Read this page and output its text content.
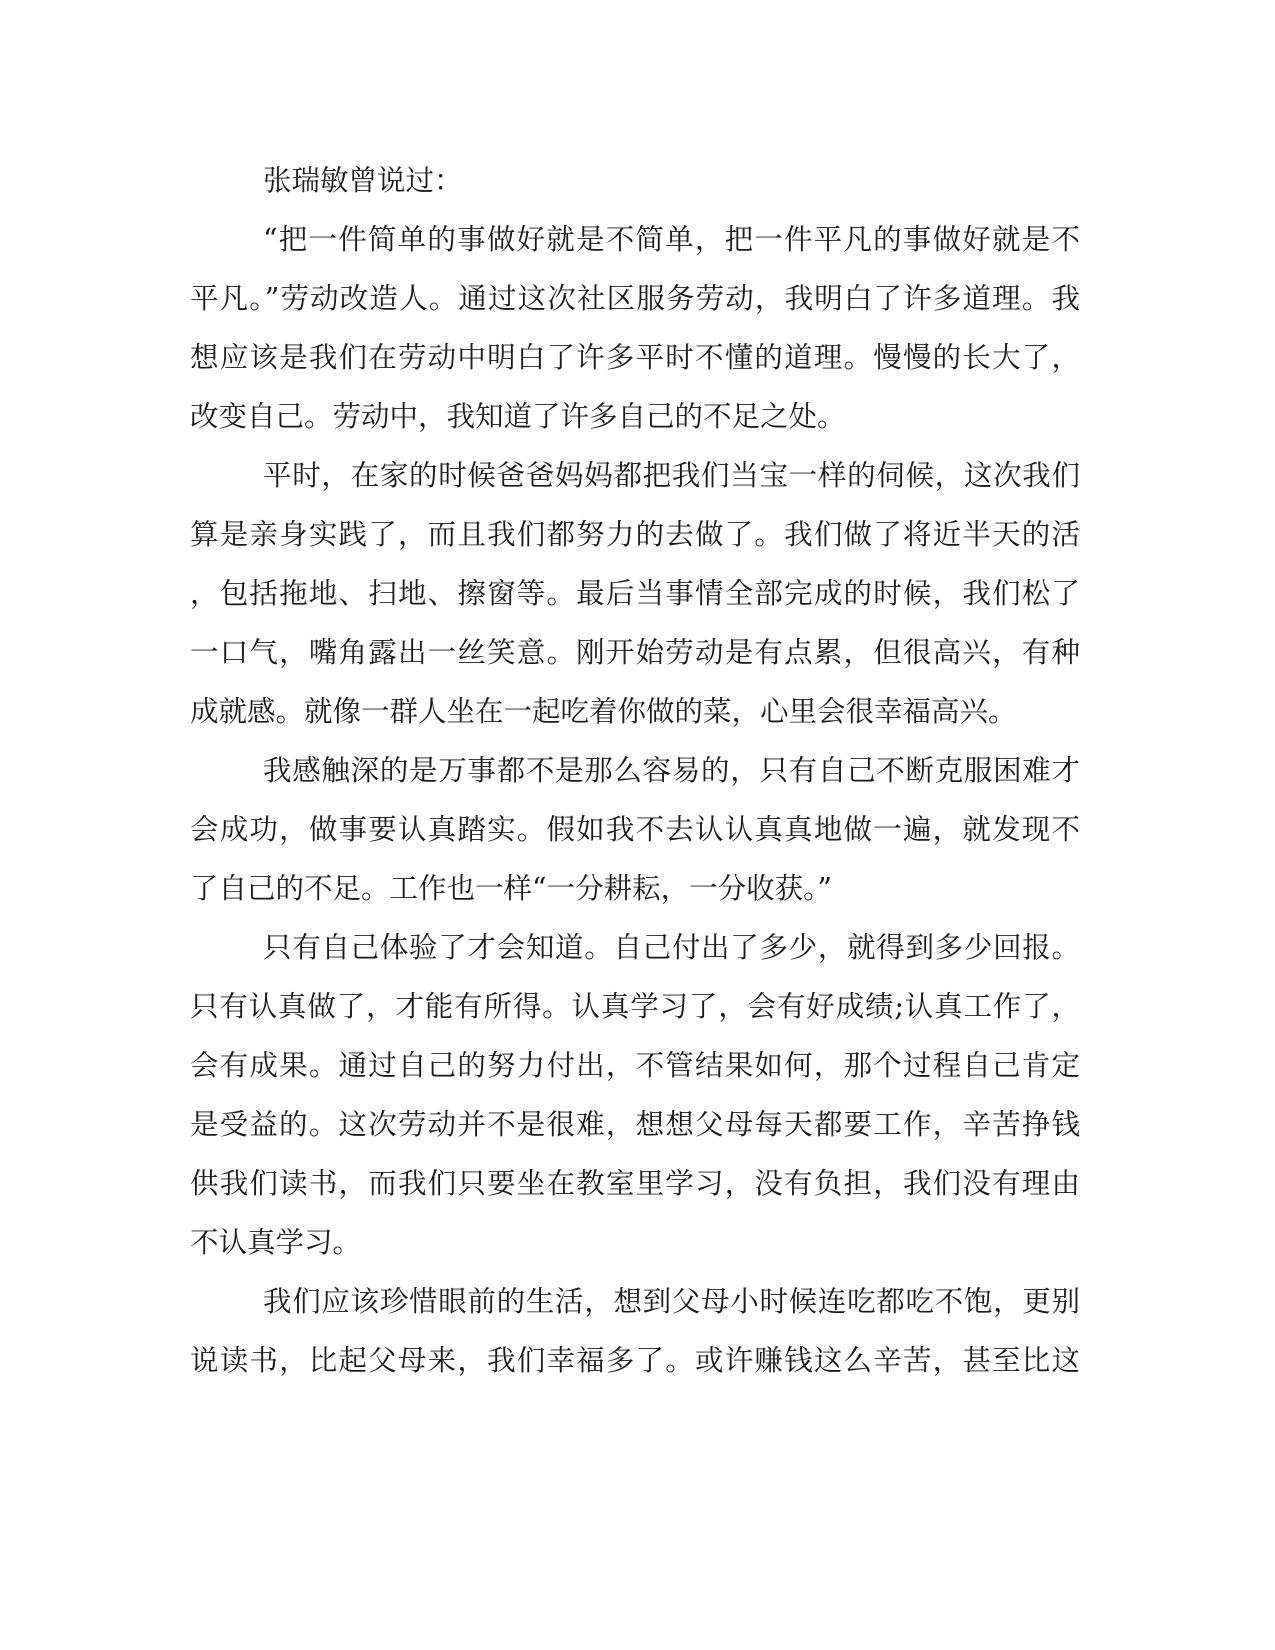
张瑞敏曾说过：
“把一件简单的事做好就是不简单，把一件平凡的事做好就是不
平凡。”劳动改造人。通过这次社区服务劳动，我明白了许多道理。我
想应该是我们在劳动中明白了许多平时不懂的道理。慢慢的长大了，
改变自己。劳动中，我知道了许多自己的不足之处。
平时，在家的时候爸爸妈妈都把我们当宝一样的伺候，这次我们
算是亲身实践了，而且我们都努力的去做了。我们做了将近半天的活
，包括拖地、扫地、擦窗等。最后当事情全部完成的时候，我们松了
一口气，嘴角露出一丝笑意。刚开始劳动是有点累，但很高兴，有种
成就感。就像一群人坐在一起吃着你做的菜，心里会很幸福高兴。
我感触深的是万事都不是那么容易的，只有自己不断克服困难才
会成功，做事要认真踏实。假如我不去认认真真地做一遍，就发现不
了自己的不足。工作也一样“一分耕耘，一分收获。”
只有自己体验了才会知道。自己付出了多少，就得到多少回报。
只有认真做了，才能有所得。认真学习了，会有好成绩;认真工作了，
会有成果。通过自己的努力付出，不管结果如何，那个过程自己肯定
是受益的。这次劳动并不是很难，想想父母每天都要工作，辛苦挣钱
供我们读书，而我们只要坐在教室里学习，没有负担，我们没有理由
不认真学习。
我们应该珍惜眼前的生活，想到父母小时候连吃都吃不饱，更别
说读书，比起父母来，我们幸福多了。或许赚钱这么辛苦，甚至比这
